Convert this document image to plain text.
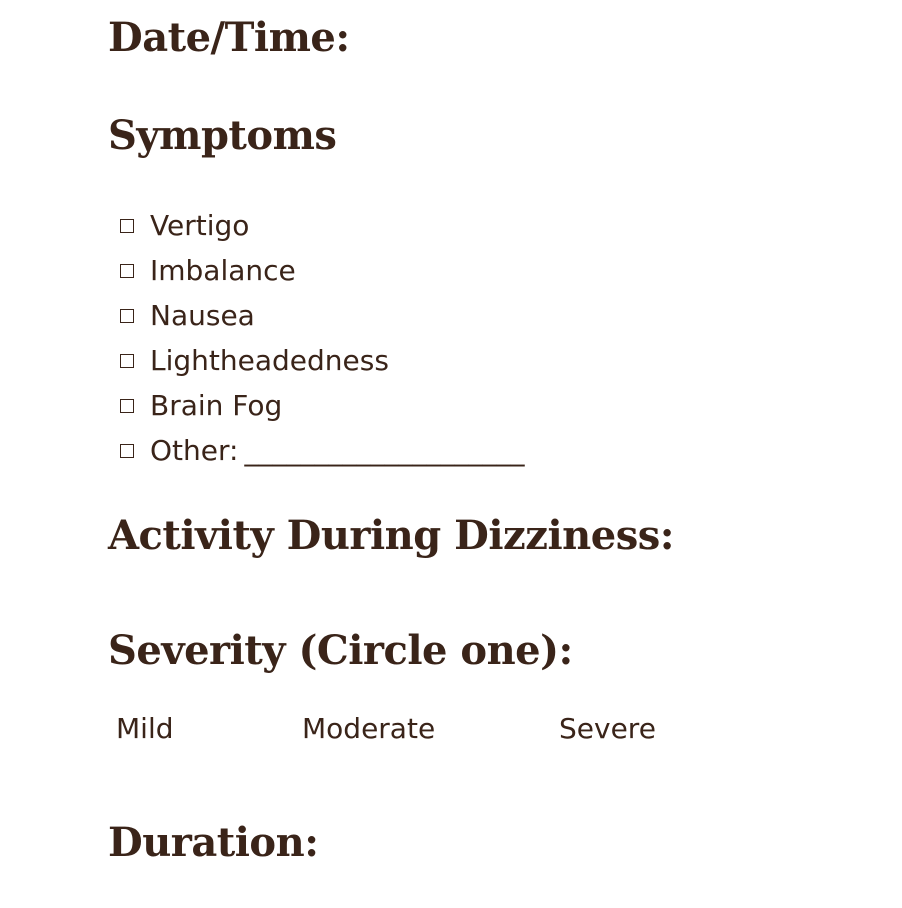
Date/Time:
Symptoms
Vertigo
Imbalance
Nausea
Lightheadedness
Brain Fog
Other: ____________________
Activity During Dizziness:
Severity (Circle one):
Mild	Moderate	Severe
Duration:
